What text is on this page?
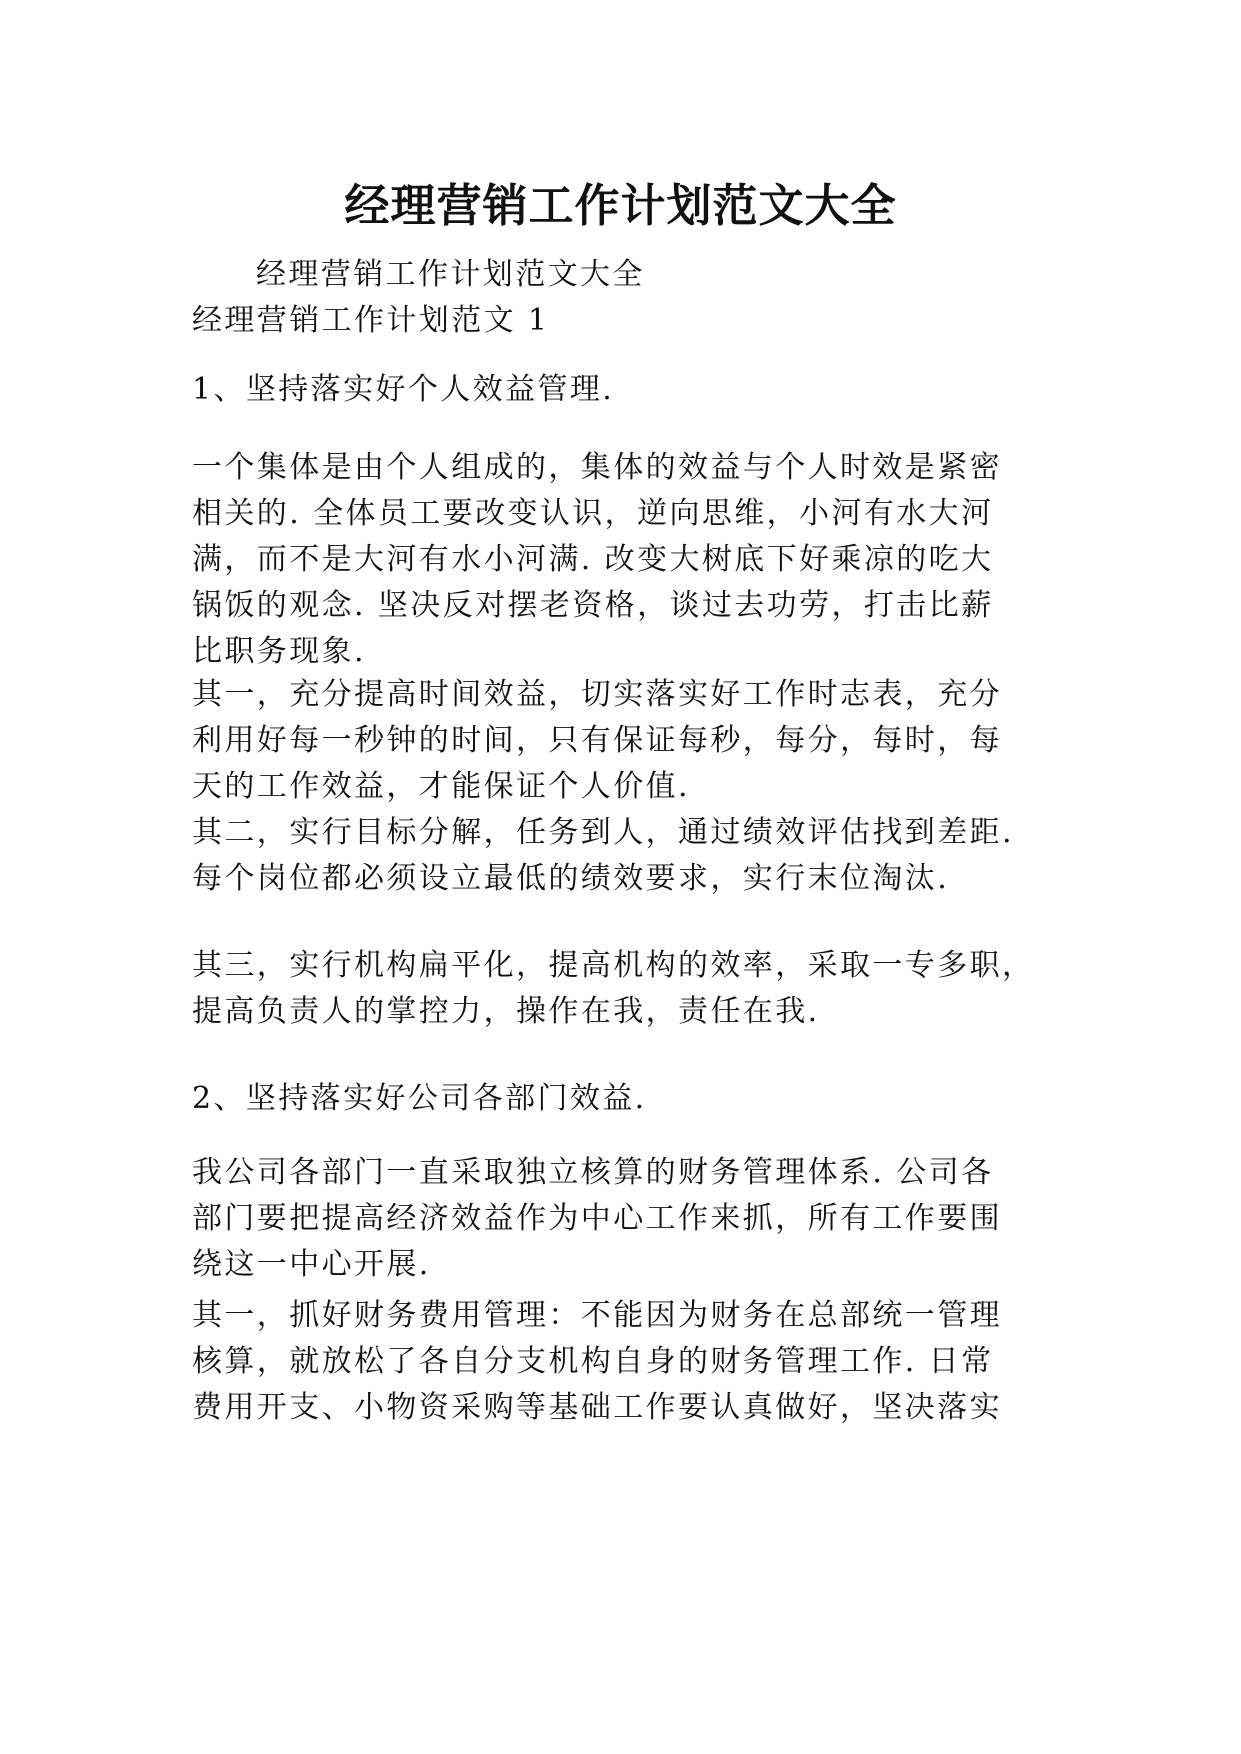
经理营销工作计划范文大全
经理营销工作计划范文大全
经理营销工作计划范文 1
1、坚持落实好个人效益管理.
一个集体是由个人组成的，集体的效益与个人时效是紧密
相关的. 全体员工要改变认识，逆向思维，小河有水大河
满，而不是大河有水小河满. 改变大树底下好乘凉的吃大
锅饭的观念. 坚决反对摆老资格，谈过去功劳，打击比薪
比职务现象.
其一，充分提高时间效益，切实落实好工作时志表，充分
利用好每一秒钟的时间，只有保证每秒，每分，每时，每
天的工作效益，才能保证个人价值.
其二，实行目标分解，任务到人，通过绩效评估找到差距.
每个岗位都必须设立最低的绩效要求，实行末位淘汰.
其三，实行机构扁平化，提高机构的效率，采取一专多职，
提高负责人的掌控力，操作在我，责任在我.
2、坚持落实好公司各部门效益.
我公司各部门一直采取独立核算的财务管理体系. 公司各
部门要把提高经济效益作为中心工作来抓，所有工作要围
绕这一中心开展.
其一，抓好财务费用管理：不能因为财务在总部统一管理
核算，就放松了各自分支机构自身的财务管理工作. 日常
费用开支、小物资采购等基础工作要认真做好，坚决落实
